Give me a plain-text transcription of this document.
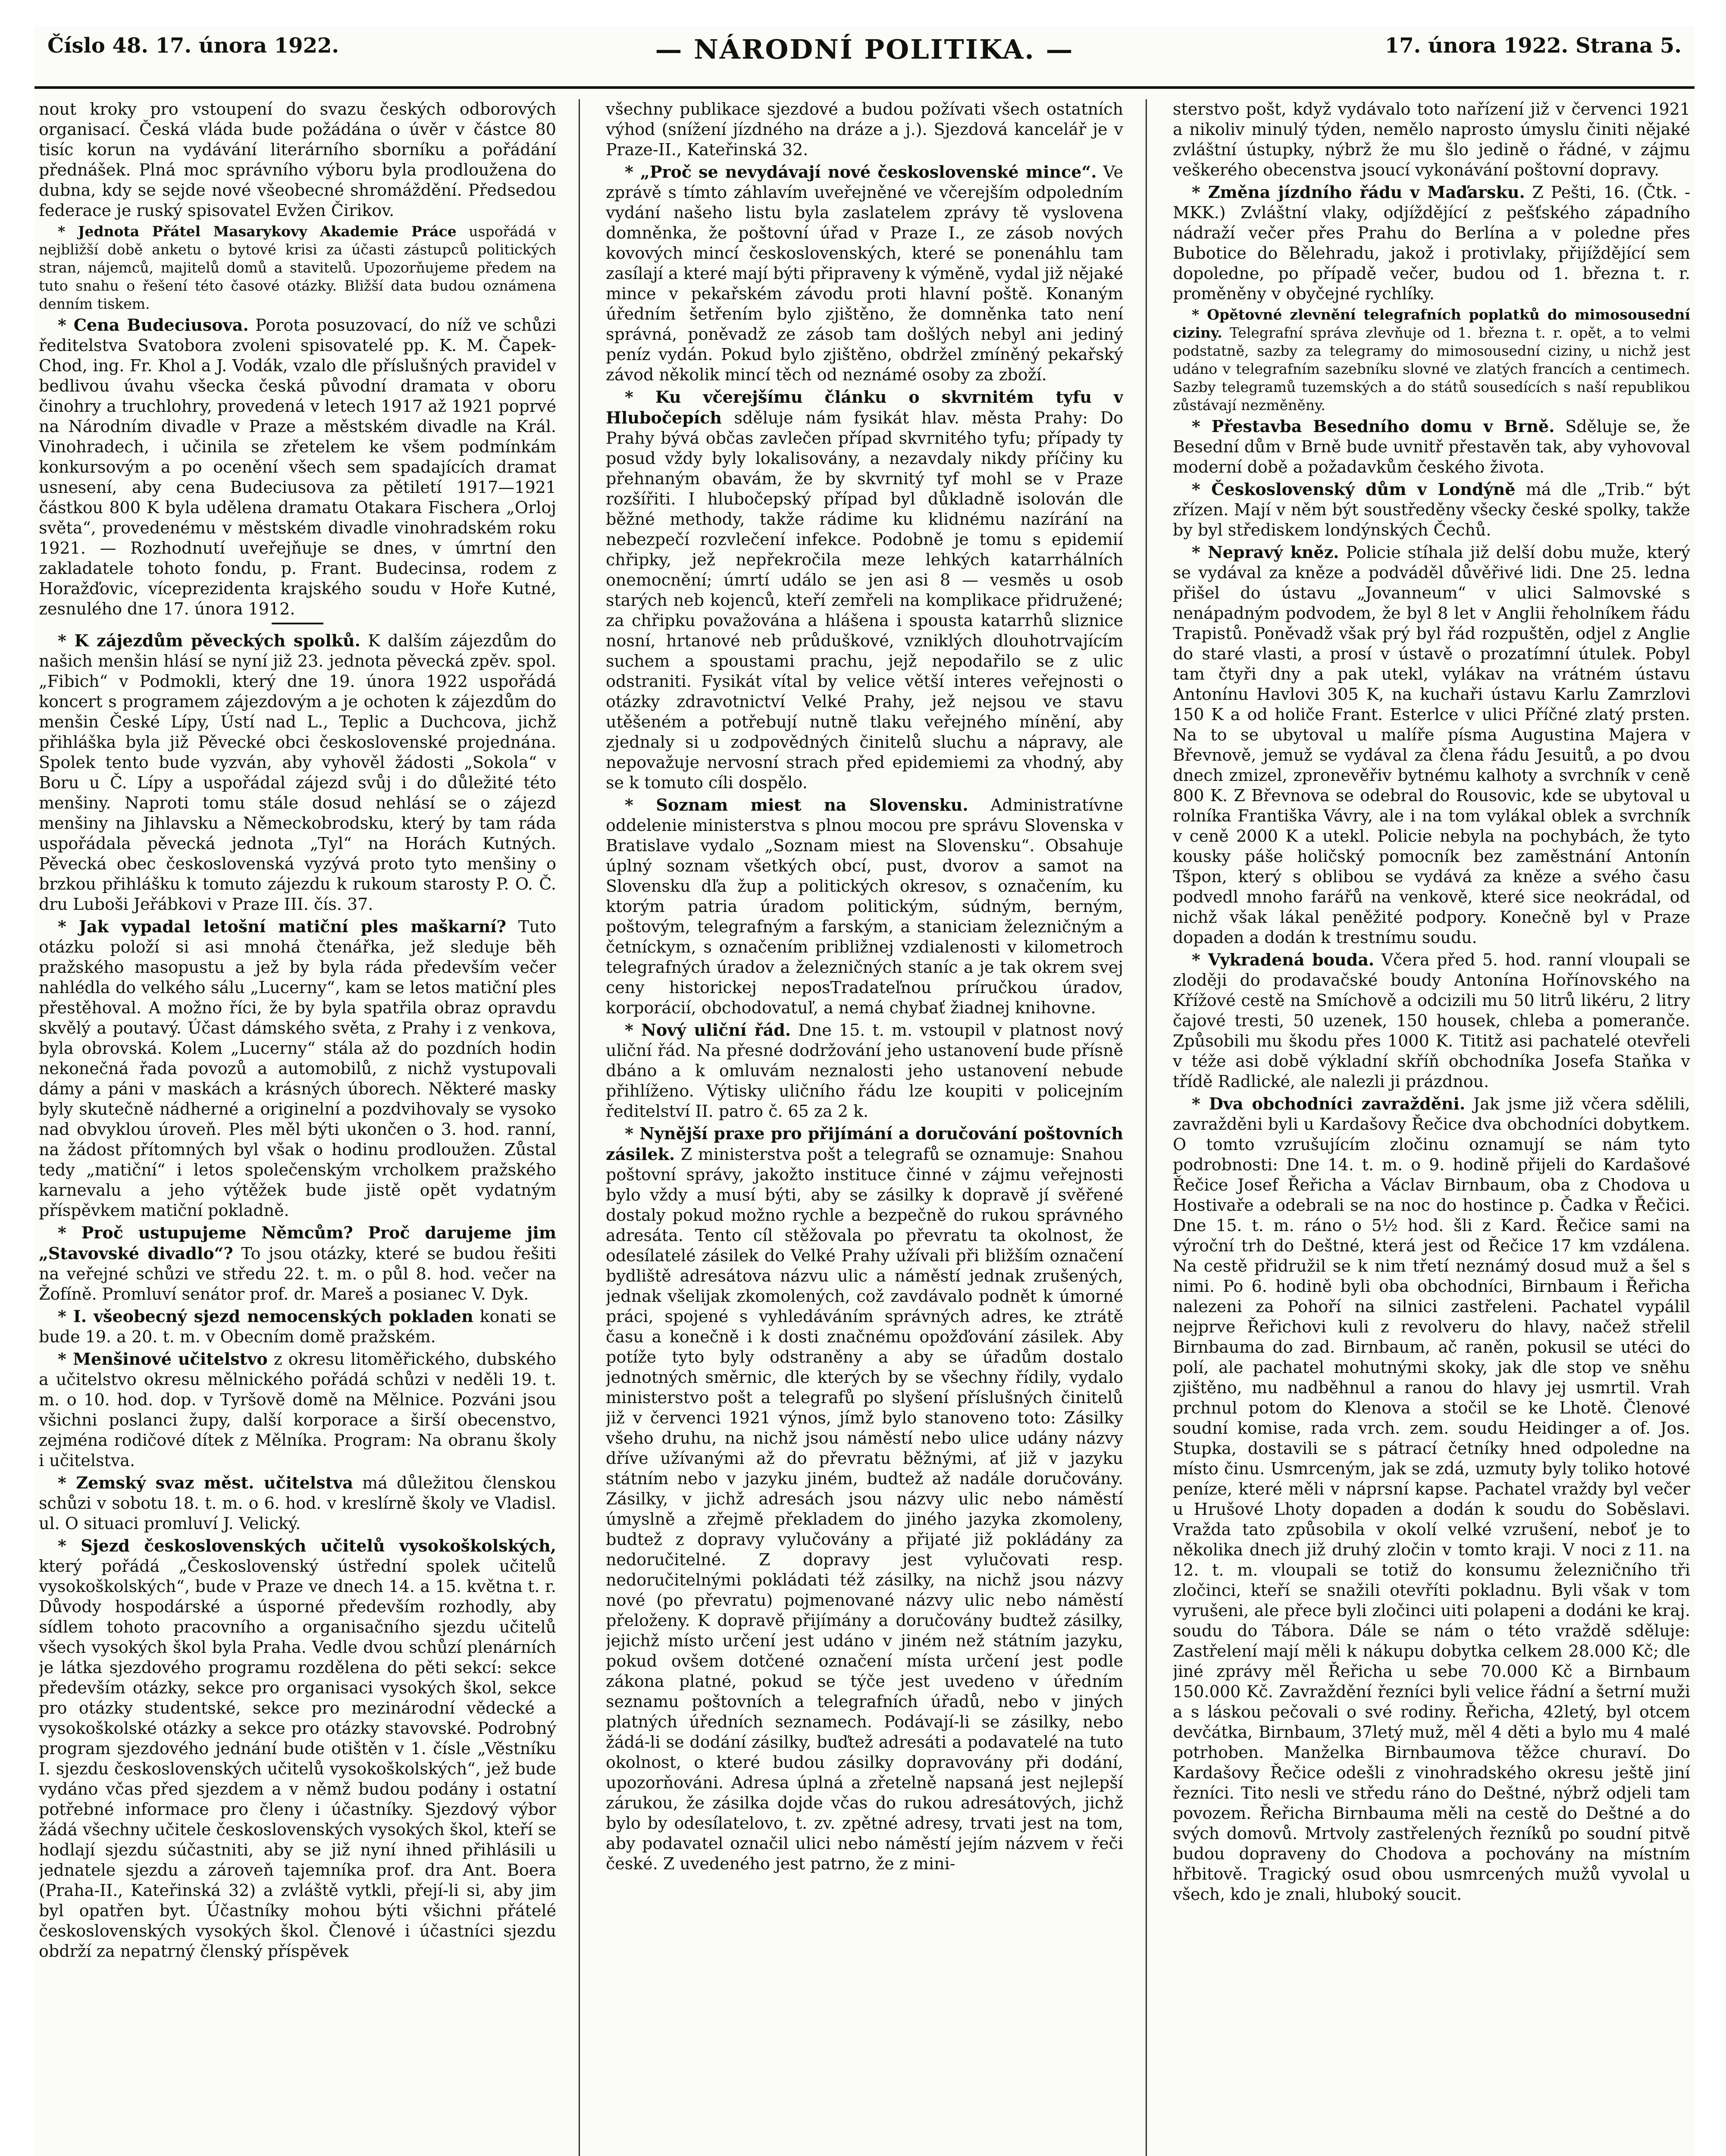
Číslo 48. 17. února 1922.	— NÁRODNÍ POLITIKA. —	17. února 1922. Strana 5.

nout kroky pro vstoupení do svazu českých odborových organisací. Česká vláda bude požádána o úvěr v částce 80 tisíc korun na vydávání literárního sborníku a pořádání přednášek. Plná moc správního výboru byla prodloužena do dubna, kdy se sejde nové všeobecné shromáždění. Předsedou federace je ruský spisovatel Evžen Čirikov.

* Jednota Přátel Masarykovy Akademie Práce uspořádá v nejbližší době anketu o bytové krisi za účasti zástupců politických stran, nájemců, majitelů domů a stavitelů. Upozorňujeme předem na tuto snahu o řešení této časové otázky. Bližší data budou oznámena denním tiskem.

* Cena Budeciusova. Porota posuzovací, do níž ve schůzi ředitelstva Svatobora zvoleni spisovatelé pp. K. M. Čapek-Chod, ing. Fr. Khol a J. Vodák, vzalo dle příslušných pravidel v bedlivou úvahu všecka česká původní dramata v oboru činohry a truchlohry, provedená v letech 1917 až 1921 poprvé na Národním divadle v Praze a městském divadle na Král. Vinohradech, i učinila se zřetelem ke všem podmínkám konkursovým a po ocenění všech sem spadajících dramat usnesení, aby cena Budeciusova za pětiletí 1917—1921 částkou 800 K byla udělena dramatu Otakara Fischera „Orloj světa“, provedenému v městském divadle vinohradském roku 1921. — Rozhodnutí uveřejňuje se dnes, v úmrtní den zakladatele tohoto fondu, p. Frant. Budecinsa, rodem z Horažďovic, víceprezidenta krajského soudu v Hoře Kutné, zesnulého dne 17. února 1912.

* K zájezdům pěveckých spolků. K dalším zájezdům do našich menšin hlásí se nyní již 23. jednota pěvecká zpěv. spol. „Fibich“ v Podmokli, který dne 19. února 1922 uspořádá koncert s programem zájezdovým a je ochoten k zájezdům do menšin České Lípy, Ústí nad L., Teplic a Duchcova, jichž přihláška byla již Pěvecké obci československé projednána. Spolek tento bude vyzván, aby vyhověl žádosti „Sokola“ v Boru u Č. Lípy a uspořádal zájezd svůj i do důležité této menšiny. Naproti tomu stále dosud nehlásí se o zájezd menšiny na Jihlavsku a Německobrodsku, který by tam ráda uspořádala pěvecká jednota „Tyl“ na Horách Kutných. Pěvecká obec československá vyzývá proto tyto menšiny o brzkou přihlášku k tomuto zájezdu k rukoum starosty P. O. Č. dru Luboši Jeřábkovi v Praze III. čís. 37.

* Jak vypadal letošní matiční ples maškarní? Tuto otázku položí si asi mnohá čtenářka, jež sleduje běh pražského masopustu a jež by byla ráda především večer nahlédla do velkého sálu „Lucerny“, kam se letos matiční ples přestěhoval. A možno říci, že by byla spatřila obraz opravdu skvělý a poutavý. Účast dámského světa, z Prahy i z venkova, byla obrovská. Kolem „Lucerny“ stála až do pozdních hodin nekonečná řada povozů a automobilů, z nichž vystupovali dámy a páni v maskách a krásných úborech. Některé masky byly skutečně nádherné a originelní a pozdvihovaly se vysoko nad obvyklou úroveň. Ples měl býti ukončen o 3. hod. ranní, na žádost přítomných byl však o hodinu prodloužen. Zůstal tedy „matiční“ i letos společenským vrcholkem pražského karnevalu a jeho výtěžek bude jistě opět vydatným příspěvkem matiční pokladně.

* Proč ustupujeme Němcům? Proč darujeme jim „Stavovské divadlo“? To jsou otázky, které se budou řešiti na veřejné schůzi ve středu 22. t. m. o půl 8. hod. večer na Žofíně. Promluví senátor prof. dr. Mareš a posianec V. Dyk.

* I. všeobecný sjezd nemocenských pokladen konati se bude 19. a 20. t. m. v Obecním domě pražském.

* Menšinové učitelstvo z okresu litoměřického, dubského a učitelstvo okresu mělnického pořádá schůzi v neděli 19. t. m. o 10. hod. dop. v Tyršově domě na Mělnice. Pozváni jsou všichni poslanci župy, další korporace a širší obecenstvo, zejména rodičové dítek z Mělníka. Program: Na obranu školy i učitelstva.

* Zemský svaz měst. učitelstva má důležitou členskou schůzi v sobotu 18. t. m. o 6. hod. v kreslírně školy ve Vladisl. ul. O situaci promluví J. Velický.

* Sjezd československých učitelů vysokoškolských, který pořádá „Československý ústřední spolek učitelů vysokoškolských“, bude v Praze ve dnech 14. a 15. května t. r. Důvody hospodárské a úsporné především rozhodly, aby sídlem tohoto pracovního a organisačního sjezdu učitelů všech vysokých škol byla Praha. Vedle dvou schůzí plenárních je látka sjezdového programu rozdělena do pěti sekcí: sekce především otázky, sekce pro organisaci vysokých škol, sekce pro otázky studentské, sekce pro mezinárodní vědecké a vysokoškolské otázky a sekce pro otázky stavovské. Podrobný program sjezdového jednání bude otištěn v 1. čísle „Věstníku I. sjezdu československých učitelů vysokoškolských“, jež bude vydáno včas před sjezdem a v němž budou podány i ostatní potřebné informace pro členy i účastníky. Sjezdový výbor žádá všechny učitele československých vysokých škol, kteří se hodlají sjezdu súčastniti, aby se již nyní ihned přihlásili u jednatele sjezdu a zároveň tajemníka prof. dra Ant. Boera (Praha-II., Kateřinská 32) a zvláště vytkli, přejí-li si, aby jim byl opatřen byt. Účastníky mohou býti všichni přátelé československých vysokých škol. Členové i účastníci sjezdu obdrží za nepatrný členský příspěvek

všechny publikace sjezdové a budou požívati všech ostatních výhod (snížení jízdného na dráze a j.). Sjezdová kancelář je v Praze-II., Kateřinská 32.

* „Proč se nevydávají nové československé mince“. Ve zprávě s tímto záhlavím uveřejněné ve včerejším odpoledním vydání našeho listu byla zaslatelem zprávy tě vyslovena domněnka, že poštovní úřad v Praze I., ze zásob nových kovových mincí československých, které se ponenáhlu tam zasílají a které mají býti připraveny k výměně, vydal již nějaké mince v pekařském závodu proti hlavní poště. Konaným úředním šetřením bylo zjištěno, že domněnka tato není správná, poněvadž ze zásob tam došlých nebyl ani jediný peníz vydán. Pokud bylo zjištěno, obdržel zmíněný pekařský závod několik mincí těch od neznámé osoby za zboží.

* Ku včerejšímu článku o skvrnitém tyfu v Hlubočepích sděluje nám fysikát hlav. města Prahy: Do Prahy bývá občas zavlečen případ skvrnitého tyfu; případy ty posud vždy byly lokalisovány, a nezavdaly nikdy příčiny ku přehnaným obavám, že by skvrnitý tyf mohl se v Praze rozšířiti. I hlubočepský případ byl důkladně isolován dle běžné methody, takže rádime ku klidnému nazírání na nebezpečí rozvlečení infekce. Podobně je tomu s epidemií chřipky, jež nepřekročila meze lehkých katarrhálních onemocnění; úmrtí událo se jen asi 8 — vesměs u osob starých neb kojenců, kteří zemřeli na komplikace přidružené; za chřipku považována a hlášena i spousta katarrhů sliznice nosní, hrtanové neb průduškové, vzniklých dlouhotrvajícím suchem a spoustami prachu, jejž nepodařilo se z ulic odstraniti. Fysikát vítal by velice větší interes veřejnosti o otázky zdravotnictví Velké Prahy, jež nejsou ve stavu utěšeném a potřebují nutně tlaku veřejného mínění, aby zjednaly si u zodpovědných činitelů sluchu a nápravy, ale nepovažuje nervosní strach před epidemiemi za vhodný, aby se k tomuto cíli dospělo.

* Soznam miest na Slovensku. Administratívne oddelenie ministerstva s plnou mocou pre správu Slovenska v Bratislave vydalo „Soznam miest na Slovensku“. Obsahuje úplný soznam všetkých obcí, pust, dvorov a samot na Slovensku dľa žup a politických okresov, s označením, ku ktorým patria úradom politickým, súdným, berným, poštovým, telegrafným a farským, a staniciam železničným a četníckym, s označením približnej vzdialenosti v kilometroch telegrafných úradov a železničných staníc a je tak okrem svej ceny historickej neposTradateľnou príručkou úradov, korporácií, obchodovatuľ, a nemá chybať žiadnej knihovne.

* Nový uliční řád. Dne 15. t. m. vstoupil v platnost nový uliční řád. Na přesné dodržování jeho ustanovení bude přísně dbáno a k omluvám neznalosti jeho ustanovení nebude přihlíženo. Výtisky uličního řádu lze koupiti v policejním ředitelství II. patro č. 65 za 2 k.

* Nynější praxe pro přijímání a doručování poštovních zásilek. Z ministerstva pošt a telegrafů se oznamuje: Snahou poštovní správy, jakožto instituce činné v zájmu veřejnosti bylo vždy a musí býti, aby se zásilky k dopravě jí svěřené dostaly pokud možno rychle a bezpečně do rukou správného adresáta. Tento cíl stěžovala po převratu ta okolnost, že odesílatelé zásilek do Velké Prahy užívali při bližším označení bydliště adresátova názvu ulic a náměstí jednak zrušených, jednak všelijak zkomolených, což zavdávalo podnět k úmorné práci, spojené s vyhledáváním správných adres, ke ztrátě času a konečně i k dosti značnému opožďování zásilek. Aby potíže tyto byly odstraněny a aby se úřadům dostalo jednotných směrnic, dle kterých by se všechny řídily, vydalo ministerstvo pošt a telegrafů po slyšení příslušných činitelů již v červenci 1921 výnos, jímž bylo stanoveno toto: Zásilky všeho druhu, na nichž jsou náměstí nebo ulice udány názvy dříve užívanými až do převratu běžnými, ať již v jazyku státním nebo v jazyku jiném, budtež až nadále doručovány. Zásilky, v jichž adresách jsou názvy ulic nebo náměstí úmyslně a zřejmě překladem do jiného jazyka zkomoleny, budtež z dopravy vylučovány a přijaté již pokládány za nedoručitelné. Z dopravy jest vylučovati resp. nedoručitelnými pokládati též zásilky, na nichž jsou názvy nové (po převratu) pojmenované názvy ulic nebo náměstí přeloženy. K dopravě přijímány a doručovány budtež zásilky, jejichž místo určení jest udáno v jiném než státním jazyku, pokud ovšem dotčené označení místa určení jest podle zákona platné, pokud se týče jest uvedeno v úředním seznamu poštovních a telegrafních úřadů, nebo v jiných platných úředních seznamech. Podávají-li se zásilky, nebo žádá-li se dodání zásilky, buďtež adresáti a podavatelé na tuto okolnost, o které budou zásilky dopravovány při dodání, upozorňováni. Adresa úplná a zřetelně napsaná jest nejlepší zárukou, že zásilka dojde včas do rukou adresátových, jichž bylo by odesílatelovo, t. zv. zpětné adresy, trvati jest na tom, aby podavatel označil ulici nebo náměstí jejím názvem v řeči české. Z uvedeného jest patrno, že z mini-

sterstvo pošt, když vydávalo toto nařízení již v červenci 1921 a nikoliv minulý týden, nemělo naprosto úmyslu činiti nějaké zvláštní ústupky, nýbrž že mu šlo jedině o řádné, v zájmu veškerého obecenstva jsoucí vykonávání poštovní dopravy.

* Změna jízdního řádu v Maďarsku. Z Pešti, 16. (Čtk. - MKK.) Zvláštní vlaky, odjíždějící z pešťského západního nádraží večer přes Prahu do Berlína a v poledne přes Bubotice do Bělehradu, jakož i protivlaky, přijíždějící sem dopoledne, po případě večer, budou od 1. března t. r. proměněny v obyčejné rychlíky.

* Opětovné zlevnění telegrafních poplatků do mimosousední ciziny. Telegrafní správa zlevňuje od 1. března t. r. opět, a to velmi podstatně, sazby za telegramy do mimosousední ciziny, u nichž jest udáno v telegrafním sazebníku slovné ve zlatých francích a centimech. Sazby telegramů tuzemských a do států sousedících s naší republikou zůstávají nezměněny.

* Přestavba Besedního domu v Brně. Sděluje se, že Besední dům v Brně bude uvnitř přestavěn tak, aby vyhovoval moderní době a požadavkům českého života.

* Československý dům v Londýně má dle „Trib.“ být zřízen. Mají v něm být soustředěny všecky české spolky, takže by byl střediskem londýnských Čechů.

* Nepravý kněz. Policie stíhala již delší dobu muže, který se vydával za kněze a podváděl důvěřivé lidi. Dne 25. ledna přišel do ústavu „Jovanneum“ v ulici Salmovské s nenápadným podvodem, že byl 8 let v Anglii řeholníkem řádu Trapistů. Poněvadž však prý byl řád rozpuštěn, odjel z Anglie do staré vlasti, a prosí v ústavě o prozatímní útulek. Pobyl tam čtyři dny a pak utekl, vylákav na vrátném ústavu Antonínu Havlovi 305 K, na kuchaři ústavu Karlu Zamrzlovi 150 K a od holiče Frant. Esterlce v ulici Příčné zlatý prsten. Na to se ubytoval u malíře písma Augustina Majera v Břevnově, jemuž se vydával za člena řádu Jesuitů, a po dvou dnech zmizel, zpronevěřiv bytnému kalhoty a svrchník v ceně 800 K. Z Břevnova se odebral do Rousovic, kde se ubytoval u rolníka Františka Vávry, ale i na tom vylákal oblek a svrchník v ceně 2000 K a utekl. Policie nebyla na pochybách, že tyto kousky páše holičský pomocník bez zaměstnání Antonín Tšpon, který s oblibou se vydává za kněze a svého času podvedl mnoho farářů na venkově, které sice neokrádal, od nichž však lákal peněžité podpory. Konečně byl v Praze dopaden a dodán k trestnímu soudu.

* Vykradená bouda. Včera před 5. hod. ranní vloupali se zloději do prodavačské boudy Antonína Hořínovského na Křížové cestě na Smíchově a odcizili mu 50 litrů likéru, 2 litry čajové tresti, 50 uzenek, 150 housek, chleba a pomeranče. Způsobili mu škodu přes 1000 K. Tititž asi pachatelé otevřeli v téže asi době výkladní skříň obchodníka Josefa Staňka v třídě Radlické, ale nalezli ji prázdnou.

* Dva obchodníci zavražděni. Jak jsme již včera sdělili, zavražděni byli u Kardašovy Řečice dva obchodníci dobytkem. O tomto vzrušujícím zločinu oznamují se nám tyto podrobnosti: Dne 14. t. m. o 9. hodině přijeli do Kardašové Řečice Josef Řeřicha a Václav Birnbaum, oba z Chodova u Hostivaře a odebrali se na noc do hostince p. Čadka v Řečici. Dne 15. t. m. ráno o 5½ hod. šli z Kard. Řečice sami na výroční trh do Deštné, která jest od Řečice 17 km vzdálena. Na cestě přidružil se k nim třetí neznámý dosud muž a šel s nimi. Po 6. hodině byli oba obchodníci, Birnbaum i Řeřicha nalezeni za Pohoří na silnici zastřeleni. Pachatel vypálil nejprve Řeřichovi kuli z revolveru do hlavy, načež střelil Birnbauma do zad. Birnbaum, ač raněn, pokusil se utéci do polí, ale pachatel mohutnými skoky, jak dle stop ve sněhu zjištěno, mu nadběhnul a ranou do hlavy jej usmrtil. Vrah prchnul potom do Klenova a stočil se ke Lhotě. Členové soudní komise, rada vrch. zem. soudu Heidinger a of. Jos. Stupka, dostavili se s pátrací četníky hned odpoledne na místo činu. Usmrceným, jak se zdá, uzmuty byly toliko hotové peníze, které měli v náprsní kapse. Pachatel vraždy byl večer u Hrušové Lhoty dopaden a dodán k soudu do Soběslavi. Vražda tato způsobila v okolí velké vzrušení, neboť je to několika dnech již druhý zločin v tomto kraji. V noci z 11. na 12. t. m. vloupali se totiž do konsumu železničního tři zločinci, kteří se snažili otevříti pokladnu. Byli však v tom vyrušeni, ale přece byli zločinci uiti polapeni a dodáni ke kraj. soudu do Tábora. Dále se nám o této vraždě sděluje: Zastřelení mají měli k nákupu dobytka celkem 28.000 Kč; dle jiné zprávy měl Řeřicha u sebe 70.000 Kč a Birnbaum 150.000 Kč. Zavraždění řezníci byli velice řádní a šetrní muži a s láskou pečovali o své rodiny. Řeřicha, 42letý, byl otcem devčátka, Birnbaum, 37letý muž, měl 4 děti a bylo mu 4 malé potrhoben. Manželka Birnbaumova těžce churaví. Do Kardašovy Řečice odešli z vinohradského okresu ještě jiní řezníci. Tito nesli ve středu ráno do Deštné, nýbrž odjeli tam povozem. Řeřicha Birnbauma měli na cestě do Deštné a do svých domovů. Mrtvoly zastřelených řezníků po soudní pitvě budou dopraveny do Chodova a pochovány na místním hřbitově. Tragický osud obou usmrcených mužů vyvolal u všech, kdo je znali, hluboký soucit.
